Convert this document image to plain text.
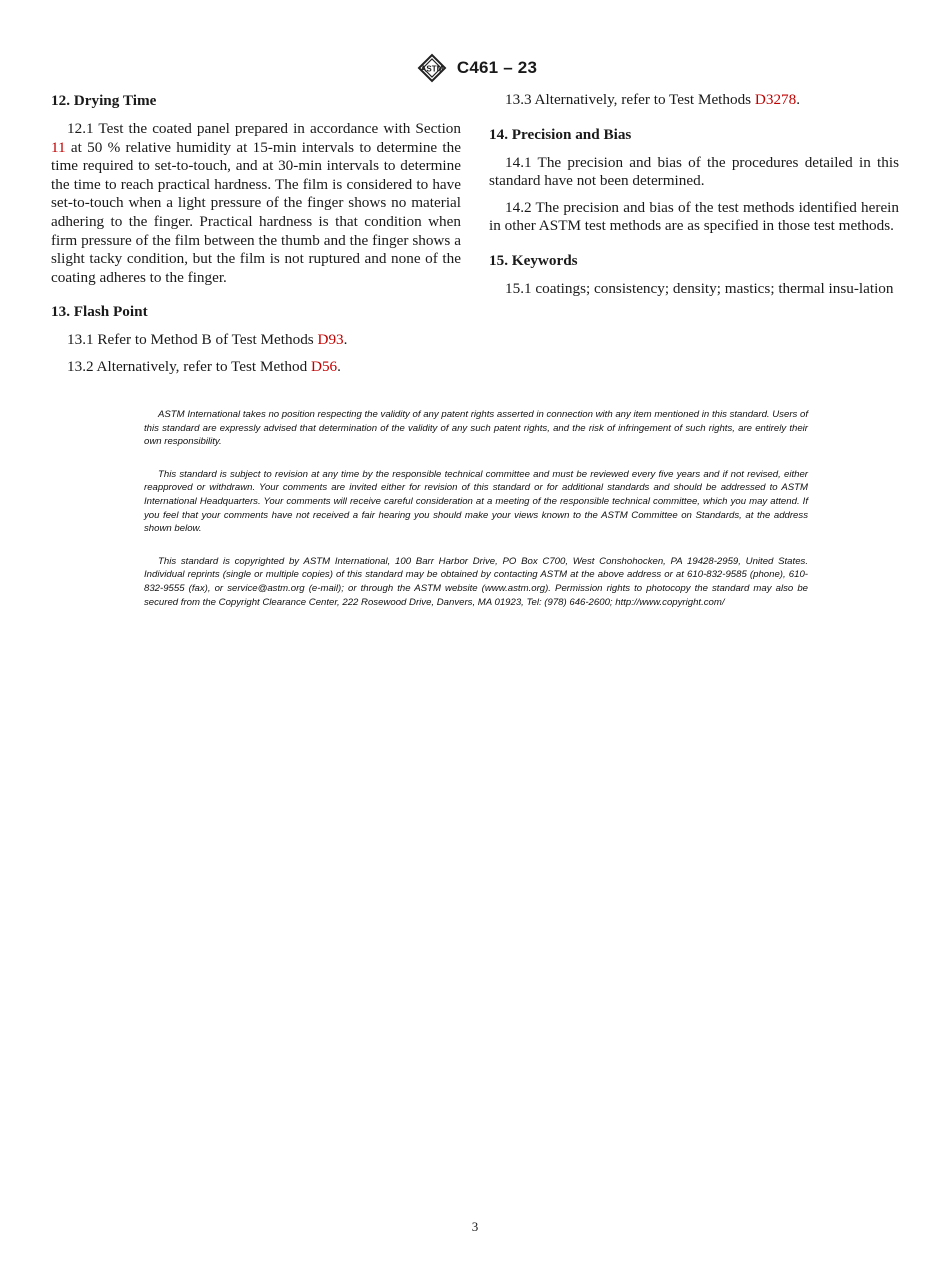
ASTM C461 – 23
12. Drying Time

12.1 Test the coated panel prepared in accordance with Section 11 at 50 % relative humidity at 15-min intervals to determine the time required to set-to-touch, and at 30-min intervals to determine the time to reach practical hardness. The film is considered to have set-to-touch when a light pressure of the finger shows no material adhering to the finger. Practical hardness is that condition when firm pressure of the film between the thumb and the finger shows a slight tacky condition, but the film is not ruptured and none of the coating adheres to the finger.

13. Flash Point

13.1 Refer to Method B of Test Methods D93.

13.2 Alternatively, refer to Test Method D56.

13.3 Alternatively, refer to Test Methods D3278.

14. Precision and Bias

14.1 The precision and bias of the procedures detailed in this standard have not been determined.

14.2 The precision and bias of the test methods identified herein in other ASTM test methods are as specified in those test methods.

15. Keywords

15.1 coatings; consistency; density; mastics; thermal insu-lation

ASTM International takes no position respecting the validity of any patent rights asserted in connection with any item mentioned in this standard. Users of this standard are expressly advised that determination of the validity of any such patent rights, and the risk of infringement of such rights, are entirely their own responsibility.

This standard is subject to revision at any time by the responsible technical committee and must be reviewed every five years and if not revised, either reapproved or withdrawn. Your comments are invited either for revision of this standard or for additional standards and should be addressed to ASTM International Headquarters. Your comments will receive careful consideration at a meeting of the responsible technical committee, which you may attend. If you feel that your comments have not received a fair hearing you should make your views known to the ASTM Committee on Standards, at the address shown below.

This standard is copyrighted by ASTM International, 100 Barr Harbor Drive, PO Box C700, West Conshohocken, PA 19428-2959, United States. Individual reprints (single or multiple copies) of this standard may be obtained by contacting ASTM at the above address or at 610-832-9585 (phone), 610-832-9555 (fax), or service@astm.org (e-mail); or through the ASTM website (www.astm.org). Permission rights to photocopy the standard may also be secured from the Copyright Clearance Center, 222 Rosewood Drive, Danvers, MA 01923, Tel: (978) 646-2600; http://www.copyright.com/

3
